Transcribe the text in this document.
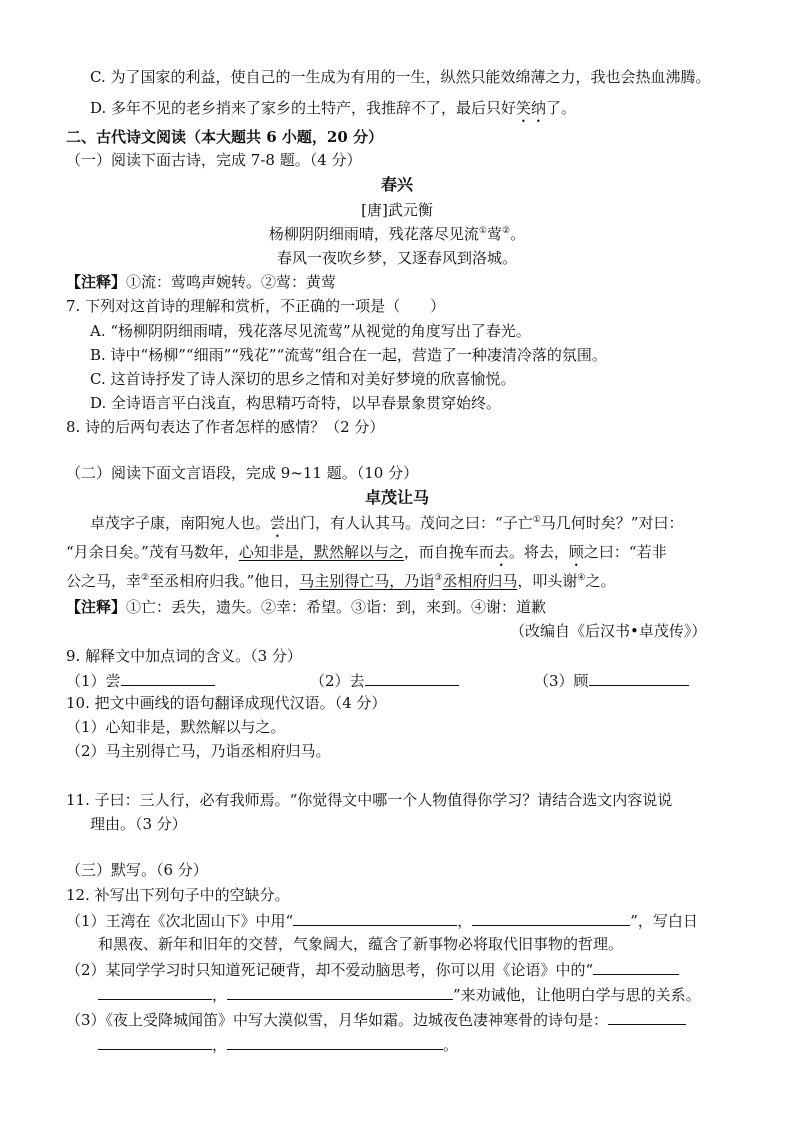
C. 为了国家的利益，使自己的一生成为有用的一生，纵然只能效绵薄之力，我也会热血沸腾。
D. 多年不见的老乡捎来了家乡的土特产，我推辞不了，最后只好笑纳了。
二、古代诗文阅读（本大题共 6 小题，20 分）
（一）阅读下面古诗，完成 7-8 题。（4 分）
春兴
[唐]武元衡
杨柳阴阴细雨晴，残花落尽见流①莺②。
春风一夜吹乡梦，又逐春风到洛城。
【注释】①流：莺鸣声婉转。②莺：黄莺
7. 下列对这首诗的理解和赏析，不正确的一项是（　　）
A. “杨柳阴阴细雨晴，残花落尽见流莺”从视觉的角度写出了春光。
B. 诗中“杨柳”“细雨”“残花”“流莺”组合在一起，营造了一种凄清冷落的氛围。
C. 这首诗抒发了诗人深切的思乡之情和对美好梦境的欣喜愉悦。
D. 全诗语言平白浅直，构思精巧奇特，以早春景象贯穿始终。
8. 诗的后两句表达了作者怎样的感情？（2 分）
（二）阅读下面文言语段，完成 9~11 题。（10 分）
卓茂让马
卓茂字子康，南阳宛人也。尝出门，有人认其马。茂问之曰：“子亡①马几何时矣？”对曰：
“月余日矣。”茂有马数年，心知非是，默然解以与之，而自挽车而去。将去，顾之曰：“若非
公之马，幸②至丞相府归我。”他日，马主别得亡马，乃诣③丞相府归马，叩头谢④之。
【注释】①亡：丢失，遗失。②幸：希望。③诣：到，来到。④谢：道歉
（改编自《后汉书•卓茂传》）
9. 解释文中加点词的含义。（3 分）
（1）尝	（2）去	（3）顾
10. 把文中画线的语句翻译成现代汉语。（4 分）
（1）心知非是，默然解以与之。
（2）马主别得亡马，乃诣丞相府归马。
11. 子曰：三人行，必有我师焉。“你觉得文中哪一个人物值得你学习？请结合选文内容说说
理由。（3 分）
（三）默写。（6 分）
12. 补写出下列句子中的空缺分。
（1）王湾在《次北固山下》中用“	，	”，写白日
和黑夜、新年和旧年的交替，气象阔大，蕴含了新事物必将取代旧事物的哲理。
（2）某同学学习时只知道死记硬背，却不爱动脑思考，你可以用《论语》中的“
，	”来劝诫他，让他明白学与思的关系。
（3）《夜上受降城闻笛》中写大漠似雪，月华如霜。边城夜色凄神寒骨的诗句是：
，	。
